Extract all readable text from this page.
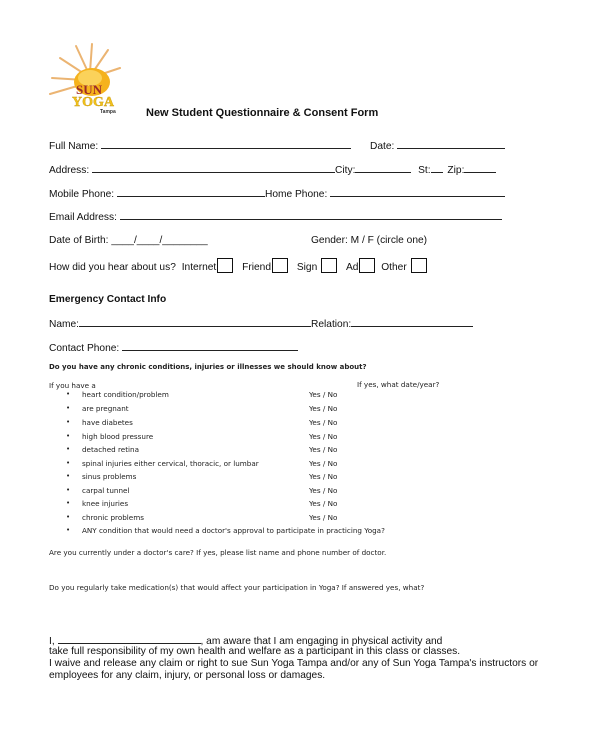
SUN
YOGA
Tampa	New Student Questionnaire & Consent Form
Full Name:	Date:
Address:	City:	St: Zip:
Mobile Phone:	Home Phone:
Email Address:
Date of Birth: ____/____/________	Gender: M / F (circle one)
How did you hear about us? Internet	Friend	Sign	Ad Other
Emergency Contact Info
Name:	Relation:
Contact Phone:
Do you have any chronic conditions, injuries or illnesses we should know about?
If you have a	If yes, what date/year?
• heart condition/problem	Yes / No
• are pregnant	Yes / No
• have diabetes	Yes / No
• high blood pressure	Yes / No
• detached retina	Yes / No
• spinal injuries either cervical, thoracic, or lumbar	Yes / No
• sinus problems	Yes / No
• carpal tunnel	Yes / No
• knee injuries	Yes / No
• chronic problems	Yes / No
• ANY condition that would need a doctor's approval to participate in practicing Yoga?
Are you currently under a doctor's care? If yes, please list name and phone number of doctor.
Do you regularly take medication(s) that would affect your participation in Yoga? If answered yes, what?
I,	, am aware that I am engaging in physical activity and
take full responsibility of my own health and welfare as a participant in this class or classes.
I waive and release any claim or right to sue Sun Yoga Tampa and/or any of Sun Yoga Tampa's instructors or
employees for any claim, injury, or personal loss or damages.
